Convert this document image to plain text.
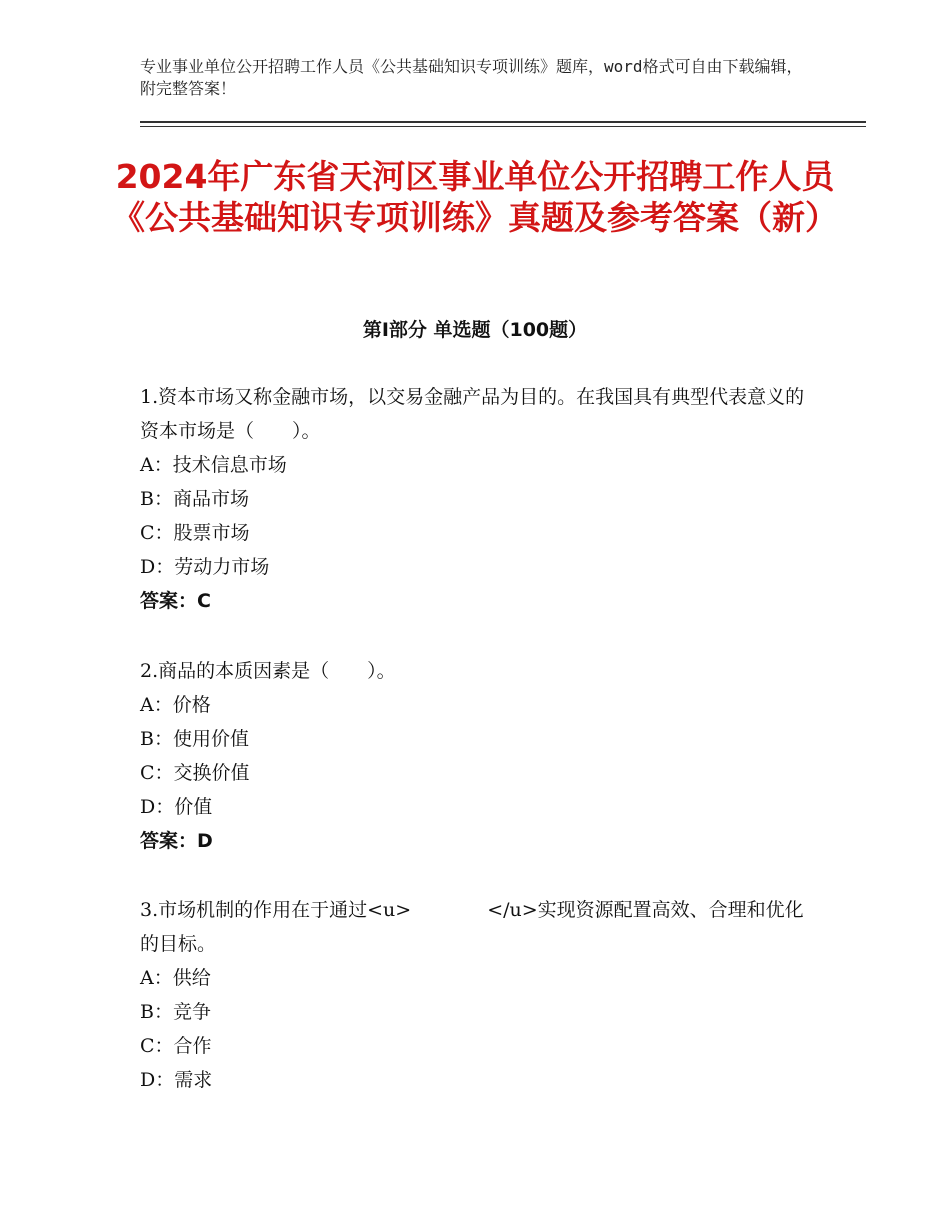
专业事业单位公开招聘工作人员《公共基础知识专项训练》题库，word格式可自由下载编辑，附完整答案！
2024年广东省天河区事业单位公开招聘工作人员《公共基础知识专项训练》真题及参考答案（新）
第Ⅰ部分 单选题（100题）

1.资本市场又称金融市场，以交易金融产品为目的。在我国具有典型代表意义的资本市场是（　　）。

A：技术信息市场

B：商品市场

C：股票市场

D：劳动力市场

答案：C

2.商品的本质因素是（　　）。

A：价格

B：使用价值

C：交换价值

D：价值

答案：D

3.市场机制的作用在于通过<u>　　　　</u>实现资源配置高效、合理和优化的目标。

A：供给

B：竞争

C：合作

D：需求
